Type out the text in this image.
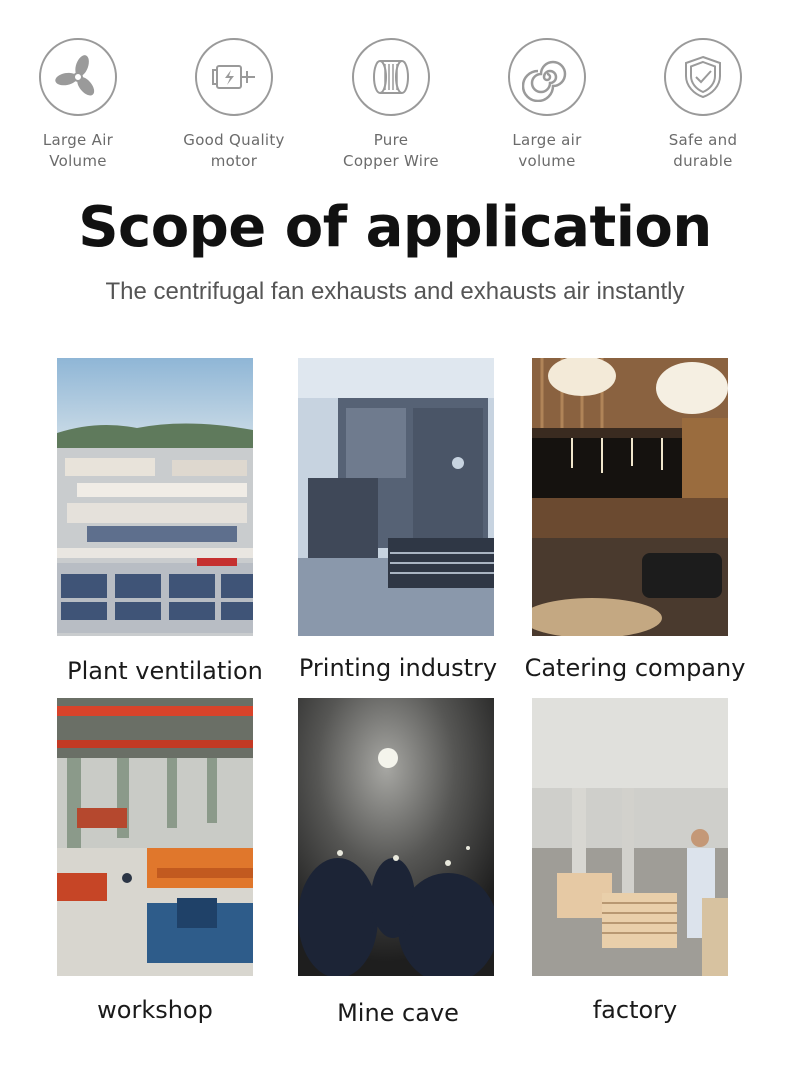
Large Air
Volume
Good Quality
motor
Pure
Copper Wire
Large air
volume
Safe and
durable
Scope of application
The centrifugal fan exhausts and exhausts air instantly
Plant ventilation	Printing industry	Catering company
workshop	Mine cave	factory
